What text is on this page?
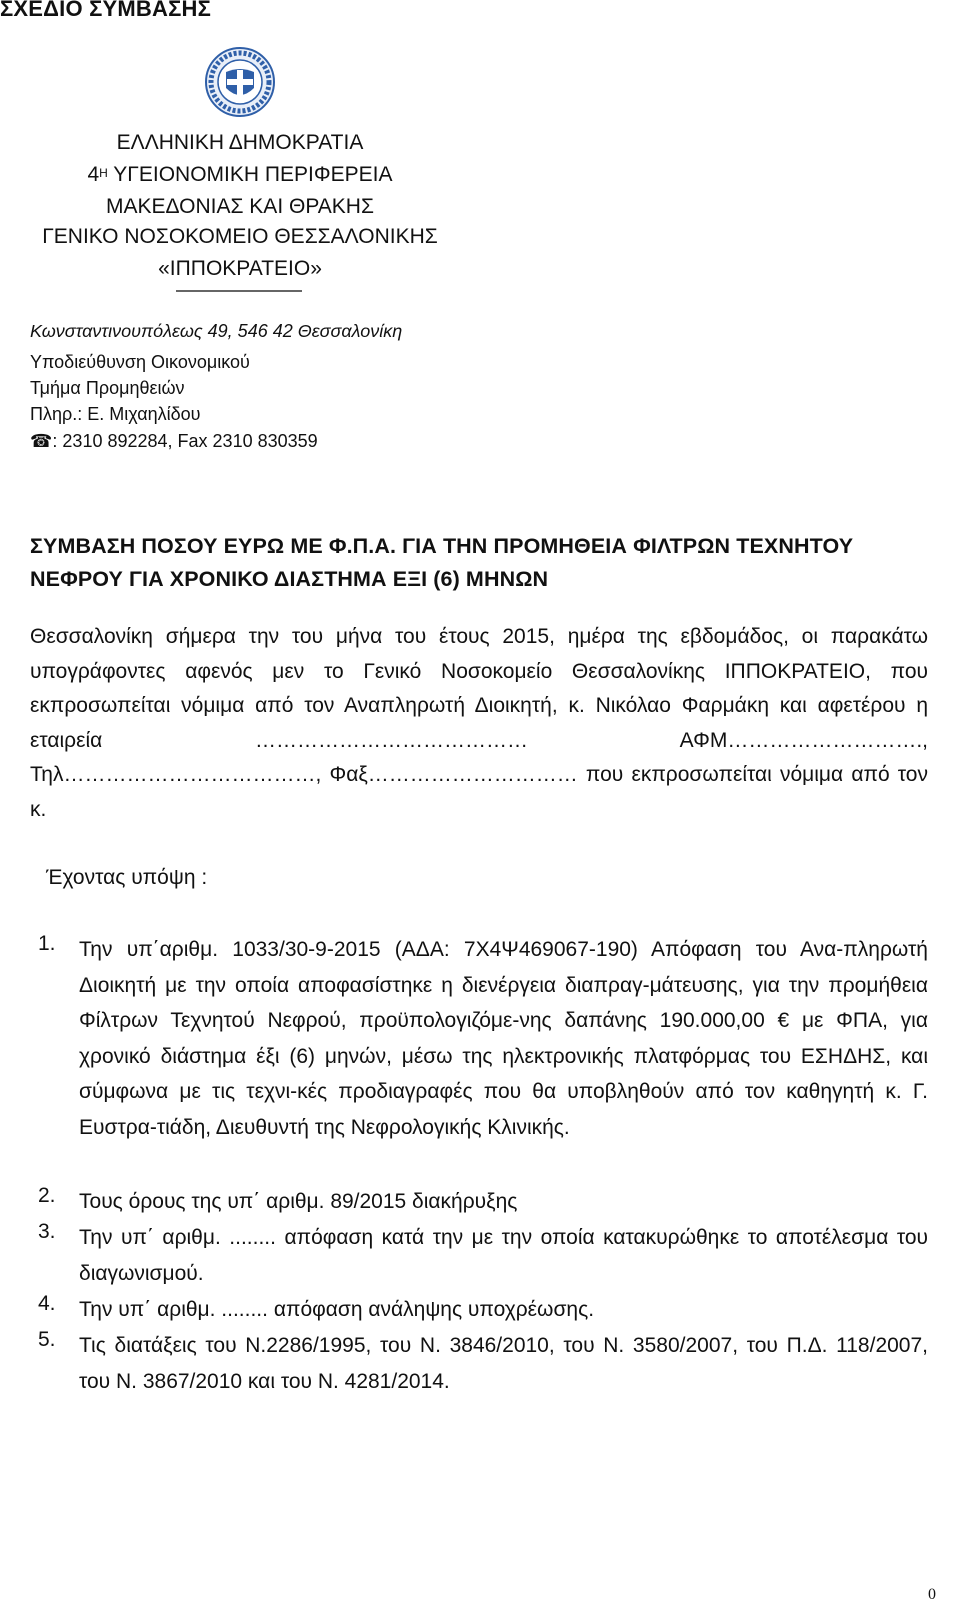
ΣΧΕΔΙΟ ΣΥΜΒΑΣΗΣ
ΕΛΛΗΝΙΚΗ ΔΗΜΟΚΡΑΤΙΑ
$4^H$ ΥΓΕΙΟΝΟΜΙΚΗ ΠΕΡΙΦΕΡΕΙΑ
ΜΑΚΕΔΟΝΙΑΣ ΚΑΙ ΘΡΑΚΗΣ
ΓΕΝΙΚΟ ΝΟΣΟΚΟΜΕΙΟ ΘΕΣΣΑΛΟΝΙΚΗΣ
«ΙΠΠΟΚΡΑΤΕΙΟ»
Κωνσταντινουπόλεως 49, 546 42 Θεσσαλονίκη
Υποδιεύθυνση Οικονομικού
Τμήμα Προμηθειών
Πληρ.: Ε. Μιχαηλίδου
☎: 2310 892284, Fax 2310 830359
ΣΥΜΒΑΣΗ ΠΟΣΟΥ ΕΥΡΩ ΜΕ Φ.Π.Α. ΓΙΑ ΤΗΝ ΠΡΟΜΗΘΕΙΑ ΦΙΛΤΡΩΝ ΤΕΧΝΗΤΟΥ
ΝΕΦΡΟΥ ΓΙΑ ΧΡΟΝΙΚΟ ΔΙΑΣΤΗΜΑ ΕΞΙ (6) ΜΗΝΩΝ
Θεσσαλονίκη σήμερα την του μήνα του έτους 2015, ημέρα της εβδομάδος, οι παρακάτω υπογράφοντες αφενός μεν το Γενικό Νοσοκομείο Θεσσαλονίκης ΙΠΠΟΚΡΑΤΕΙΟ, που εκπροσωπείται νόμιμα από τον Αναπληρωτή Διοικητή, κ. Νικόλαο Φαρμάκη και αφετέρου η εταιρεία ………………………………… ΑΦΜ………………………., Τηλ………………………………, Φαξ………………………… που εκπροσωπείται νόμιμα από τον κ.
Έχοντας υπόψη :
1.	Την υπ΄αριθμ. 1033/30-9-2015 (ΑΔΑ: 7Χ4Ψ469067-190) Απόφαση του Ανα-πληρωτή Διοικητή με την οποία αποφασίστηκε η διενέργεια διαπραγ-μάτευσης, για την προμήθεια Φίλτρων Τεχνητού Νεφρού, προϋπολογιζόμε-νης δαπάνης 190.000,00 € με ΦΠΑ, για χρονικό διάστημα έξι (6) μηνών, μέσω της ηλεκτρονικής πλατφόρμας του ΕΣΗΔΗΣ, και σύμφωνα με τις τεχνι-κές προδιαγραφές που θα υποβληθούν από τον καθηγητή κ. Γ. Ευστρα-τιάδη, Διευθυντή της Νεφρολογικής Κλινικής.
2.	Τους όρους της υπ΄ αριθμ. 89/2015 διακήρυξης
3.	Την υπ΄ αριθμ. ........ απόφαση κατά την με την οποία κατακυρώθηκε το αποτέλεσμα του διαγωνισμού.
4.	Την υπ΄ αριθμ. ........ απόφαση ανάληψης υποχρέωσης.
5.	Τις διατάξεις του Ν.2286/1995, του Ν. 3846/2010, του Ν. 3580/2007, του Π.Δ. 118/2007, του Ν. 3867/2010 και του Ν. 4281/2014.
0
